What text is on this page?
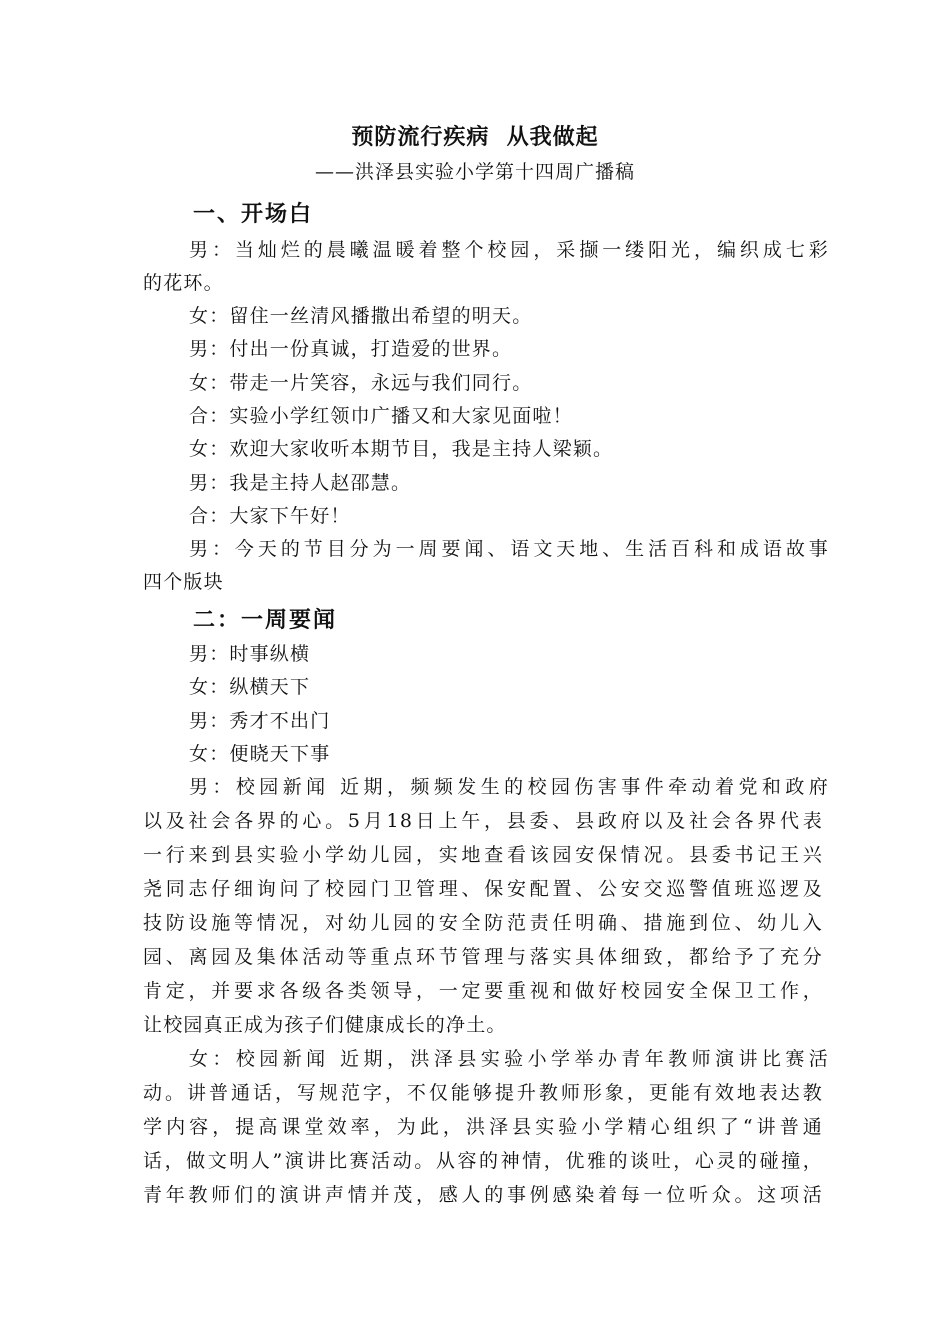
预防流行疾病  从我做起
——洪泽县实验小学第十四周广播稿
一、开场白
男：当灿烂的晨曦温暖着整个校园，采撷一缕阳光，编织成七彩
的花环。
女：留住一丝清风播撒出希望的明天。
男：付出一份真诚，打造爱的世界。
女：带走一片笑容，永远与我们同行。
合：实验小学红领巾广播又和大家见面啦！
女：欢迎大家收听本期节目，我是主持人梁颖。
男：我是主持人赵邵慧。
合：大家下午好！
男：今天的节目分为一周要闻、语文天地、生活百科和成语故事
四个版块
二：一周要闻
男：时事纵横
女：纵横天下
男：秀才不出门
女：便晓天下事
男：校园新闻 近期，频频发生的校园伤害事件牵动着党和政府
以及社会各界的心。5月18日上午，县委、县政府以及社会各界代表
一行来到县实验小学幼儿园，实地查看该园安保情况。县委书记王兴
尧同志仔细询问了校园门卫管理、保安配置、公安交巡警值班巡逻及
技防设施等情况，对幼儿园的安全防范责任明确、措施到位、幼儿入
园、离园及集体活动等重点环节管理与落实具体细致，都给予了充分
肯定，并要求各级各类领导，一定要重视和做好校园安全保卫工作，
让校园真正成为孩子们健康成长的净土。
女：校园新闻 近期，洪泽县实验小学举办青年教师演讲比赛活
动。讲普通话，写规范字，不仅能够提升教师形象，更能有效地表达教
学内容，提高课堂效率，为此，洪泽县实验小学精心组织了“讲普通
话，做文明人”演讲比赛活动。从容的神情，优雅的谈吐，心灵的碰撞，
青年教师们的演讲声情并茂，感人的事例感染着每一位听众。这项活
